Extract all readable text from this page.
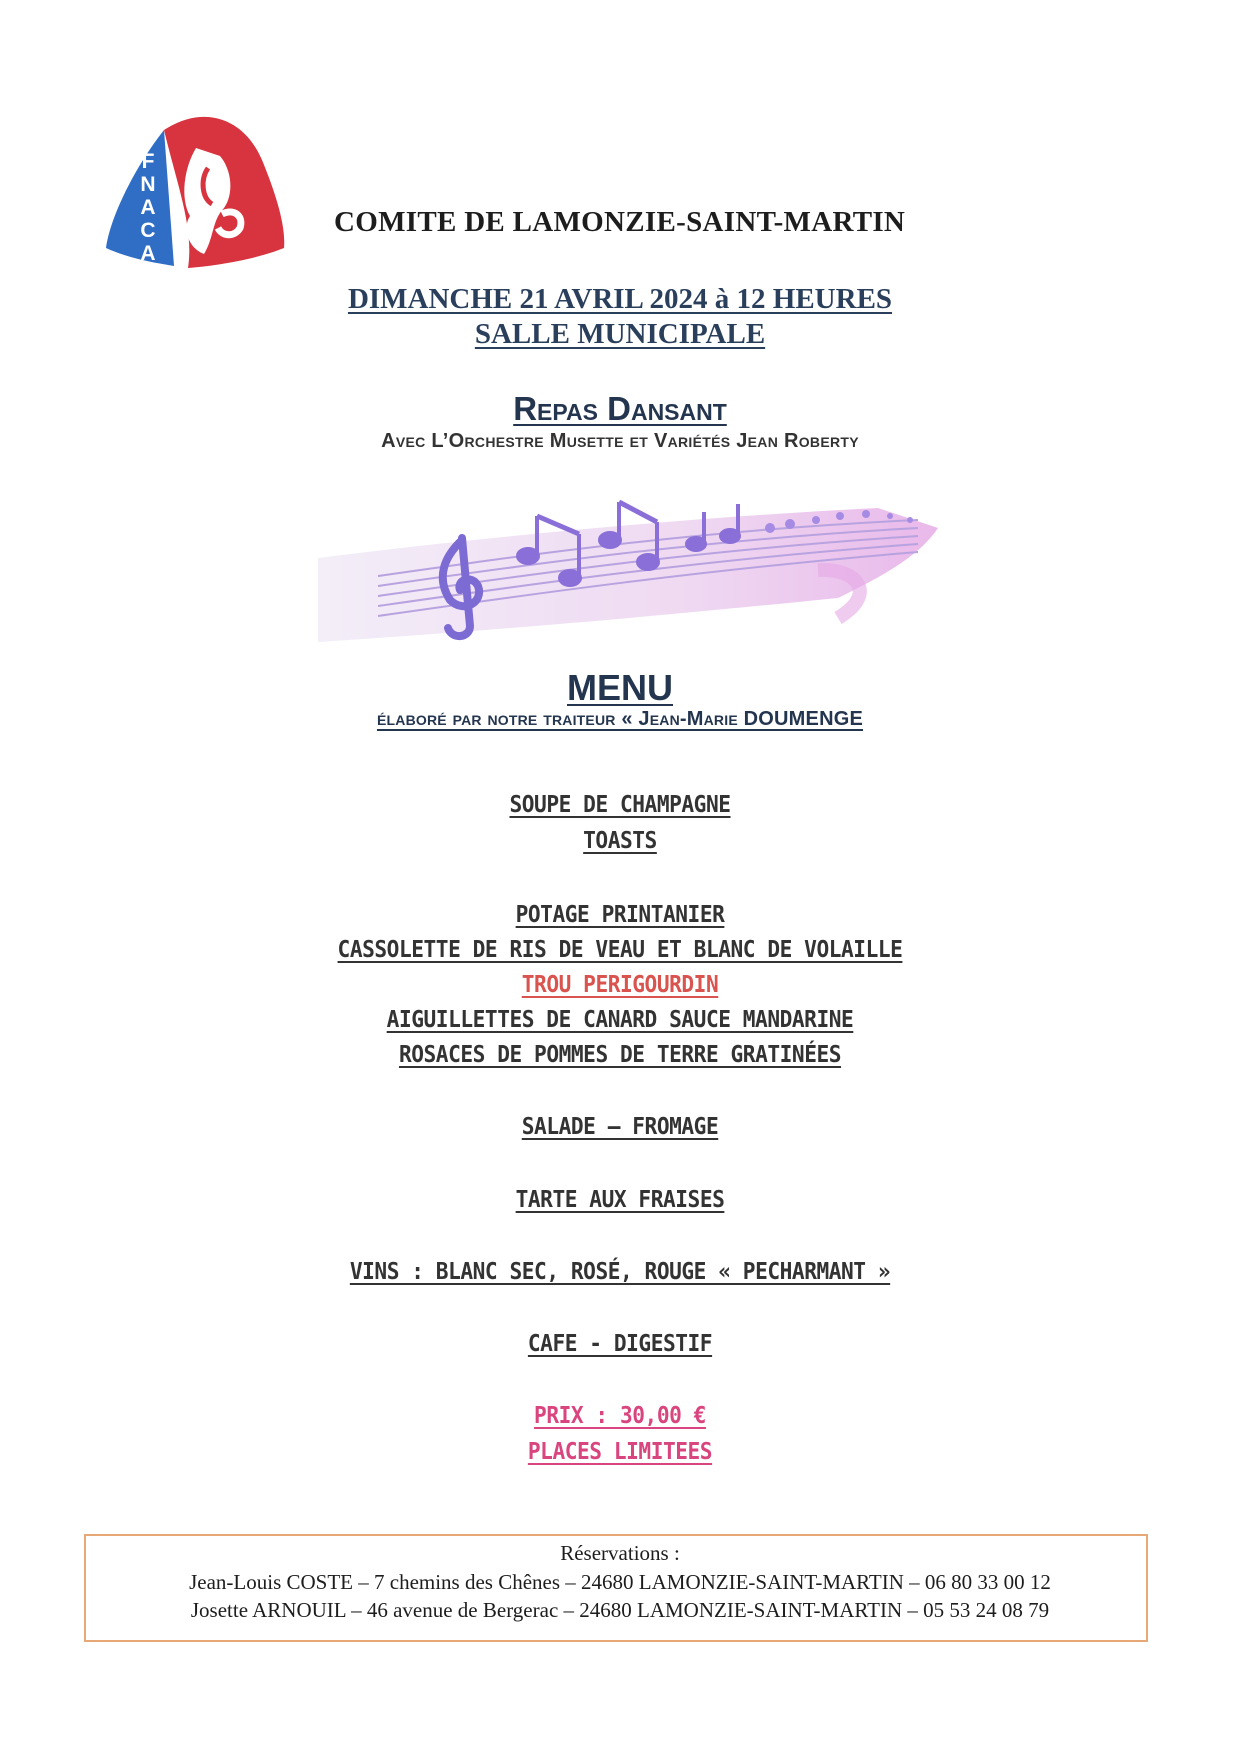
FNACA
COMITE DE LAMONZIE-SAINT-MARTIN
DIMANCHE 21 AVRIL 2024 à 12 HEURES
SALLE MUNICIPALE
Repas Dansant
Avec L’Orchestre Musette et Variétés Jean Roberty
MENU
élaboré par notre traiteur « Jean-Marie DOUMENGE
SOUPE DE CHAMPAGNE
TOASTS
POTAGE PRINTANIER
CASSOLETTE DE RIS DE VEAU ET BLANC DE VOLAILLE
TROU PERIGOURDIN
AIGUILLETTES DE CANARD SAUCE MANDARINE
ROSACES DE POMMES DE TERRE GRATINÉES
SALADE – FROMAGE
TARTE AUX FRAISES
VINS : BLANC SEC, ROSÉ, ROUGE « PECHARMANT »
CAFE - DIGESTIF
PRIX : 30,00 €
PLACES LIMITEES
Réservations :
Jean-Louis COSTE – 7 chemins des Chênes – 24680 LAMONZIE-SAINT-MARTIN – 06 80 33 00 12
Josette ARNOUIL – 46 avenue de Bergerac – 24680 LAMONZIE-SAINT-MARTIN – 05 53 24 08 79
